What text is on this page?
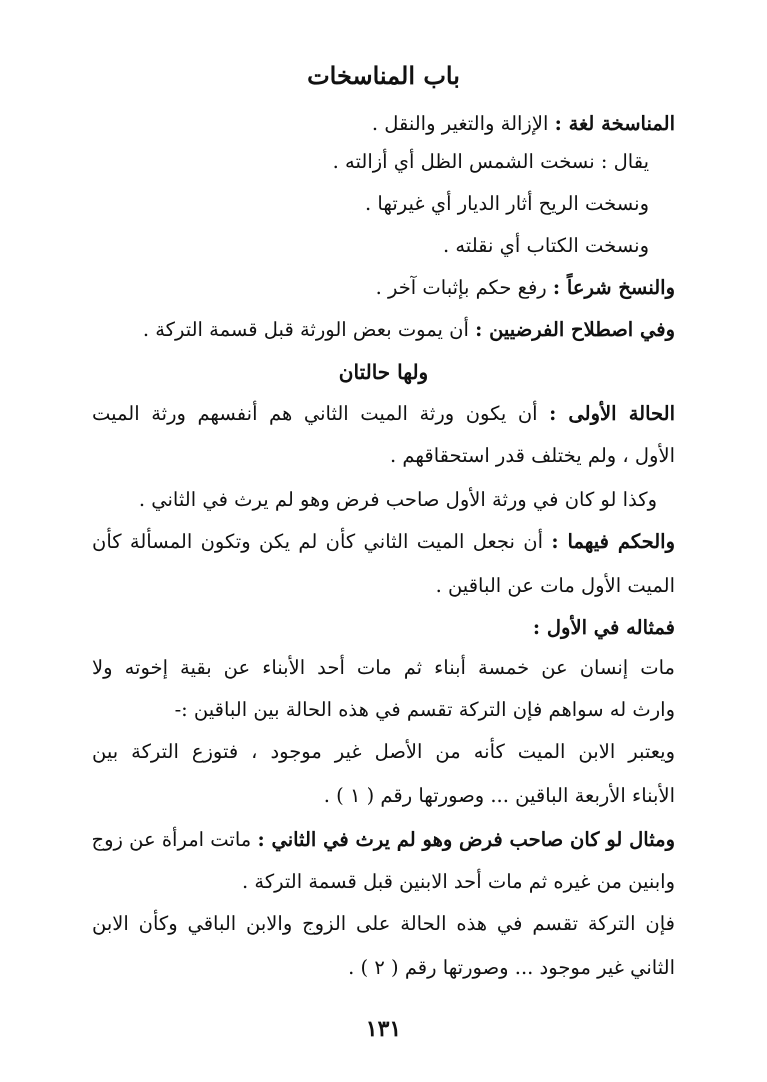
باب المناسخات
المناسخة لغة : الإزالة والتغير والنقل .
يقال : نسخت الشمس الظل أي أزالته .
ونسخت الريح أثار الديار أي غيرتها .
ونسخت الكتاب أي نقلته .
والنسخ شرعاً : رفع حكم بإثبات آخر .
وفي اصطلاح الفرضيين : أن يموت بعض الورثة قبل قسمة التركة .
ولها حالتان
الحالة الأولى : أن يكون ورثة الميت الثاني هم أنفسهم ورثة الميت
الأول ، ولم يختلف قدر استحقاقهم .
وكذا لو كان في ورثة الأول صاحب فرض وهو لم يرث في الثاني .
والحكم فيهما : أن نجعل الميت الثاني كأن لم يكن وتكون المسألة كأن
الميت الأول مات عن الباقين .
فمثاله في الأول :
مات إنسان عن خمسة أبناء ثم مات أحد الأبناء عن بقية إخوته ولا
وارث له سواهم فإن التركة تقسم في هذه الحالة بين الباقين :-
ويعتبر الابن الميت كأنه من الأصل غير موجود ، فتوزع التركة بين
الأبناء الأربعة الباقين ... وصورتها رقم ( ١ ) .
ومثال لو كان صاحب فرض وهو لم يرث في الثاني : ماتت امرأة عن زوج
وابنين من غيره ثم مات أحد الابنين قبل قسمة التركة .
فإن التركة تقسم في هذه الحالة على الزوج والابن الباقي وكأن الابن
الثاني غير موجود ... وصورتها رقم ( ٢ ) .
١٣١
